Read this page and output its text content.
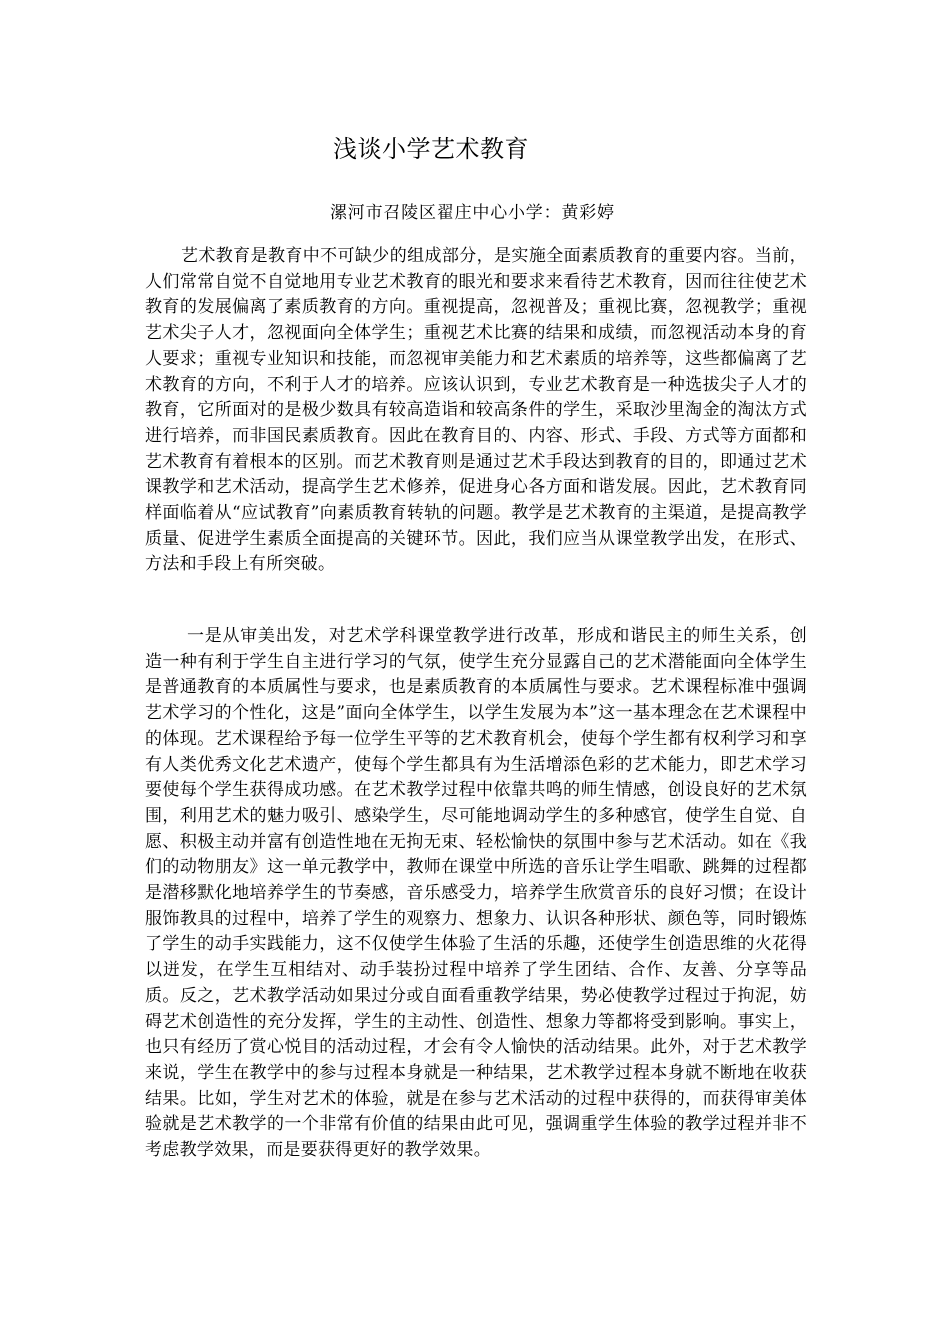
浅谈小学艺术教育
漯河市召陵区翟庄中心小学：黄彩婷

艺术教育是教育中不可缺少的组成部分，是实施全面素质教育的重要内容。当前，人们常常自觉不自觉地用专业艺术教育的眼光和要求来看待艺术教育，因而往往使艺术教育的发展偏离了素质教育的方向。重视提高，忽视普及；重视比赛，忽视教学；重视艺术尖子人才，忽视面向全体学生；重视艺术比赛的结果和成绩，而忽视活动本身的育人要求；重视专业知识和技能，而忽视审美能力和艺术素质的培养等，这些都偏离了艺术教育的方向，不利于人才的培养。应该认识到，专业艺术教育是一种选拔尖子人才的教育，它所面对的是极少数具有较高造诣和较高条件的学生，采取沙里淘金的淘汰方式进行培养，而非国民素质教育。因此在教育目的、内容、形式、手段、方式等方面都和艺术教育有着根本的区别。而艺术教育则是通过艺术手段达到教育的目的，即通过艺术课教学和艺术活动，提高学生艺术修养，促进身心各方面和谐发展。因此，艺术教育同样面临着从“应试教育”向素质教育转轨的问题。教学是艺术教育的主渠道，是提高教学质量、促进学生素质全面提高的关键环节。因此，我们应当从课堂教学出发，在形式、方法和手段上有所突破。

一是从审美出发，对艺术学科课堂教学进行改革，形成和谐民主的师生关系，创造一种有利于学生自主进行学习的气氛，使学生充分显露自己的艺术潜能面向全体学生是普通教育的本质属性与要求，也是素质教育的本质属性与要求。艺术课程标准中强调艺术学习的个性化，这是”面向全体学生，以学生发展为本”这一基本理念在艺术课程中的体现。艺术课程给予每一位学生平等的艺术教育机会，使每个学生都有权利学习和享有人类优秀文化艺术遗产，使每个学生都具有为生活增添色彩的艺术能力，即艺术学习要使每个学生获得成功感。在艺术教学过程中依靠共鸣的师生情感，创设良好的艺术氛围，利用艺术的魅力吸引、感染学生，尽可能地调动学生的多种感官，使学生自觉、自愿、积极主动并富有创造性地在无拘无束、轻松愉快的氛围中参与艺术活动。如在《我们的动物朋友》这一单元教学中，教师在课堂中所选的音乐让学生唱歌、跳舞的过程都是潜移默化地培养学生的节奏感，音乐感受力，培养学生欣赏音乐的良好习惯；在设计服饰教具的过程中，培养了学生的观察力、想象力、认识各种形状、颜色等，同时锻炼了学生的动手实践能力，这不仅使学生体验了生活的乐趣，还使学生创造思维的火花得以迸发，在学生互相结对、动手装扮过程中培养了学生团结、合作、友善、分享等品质。反之，艺术教学活动如果过分或自面看重教学结果，势必使教学过程过于拘泥，妨碍艺术创造性的充分发挥，学生的主动性、创造性、想象力等都将受到影响。事实上，也只有经历了赏心悦目的活动过程，才会有令人愉快的活动结果。此外，对于艺术教学来说，学生在教学中的参与过程本身就是一种结果，艺术教学过程本身就不断地在收获结果。比如，学生对艺术的体验，就是在参与艺术活动的过程中获得的，而获得审美体验就是艺术教学的一个非常有价值的结果由此可见，强调重学生体验的教学过程并非不考虑教学效果，而是要获得更好的教学效果。
